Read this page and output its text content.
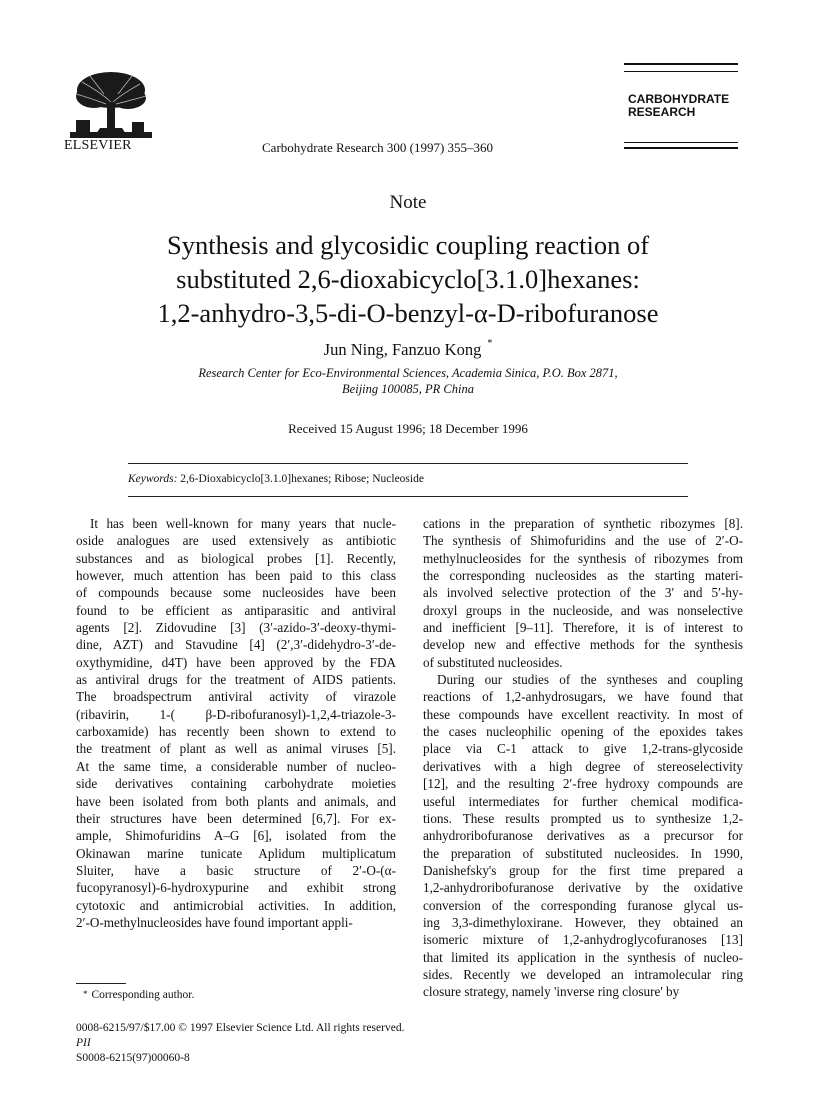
ELSEVIER	Carbohydrate Research 300 (1997) 355–360
CARBOHYDRATE
RESEARCH
Note
Synthesis and glycosidic coupling reaction of
substituted 2,6-dioxabicyclo[3.1.0]hexanes:
1,2-anhydro-3,5-di-O-benzyl-α-D-ribofuranose
Jun Ning, Fanzuo Kong *
Research Center for Eco-Environmental Sciences, Academia Sinica, P.O. Box 2871,
Beijing 100085, PR China
Received 15 August 1996; 18 December 1996
Keywords: 2,6-Dioxabicyclo[3.1.0]hexanes; Ribose; Nucleoside
It has been well-known for many years that nucle-
oside analogues are used extensively as antibiotic
substances and as biological probes [1]. Recently,
however, much attention has been paid to this class
of compounds because some nucleosides have been
found to be efficient as antiparasitic and antiviral
agents [2]. Zidovudine [3] (3′-azido-3′-deoxy-thymi-
dine, AZT) and Stavudine [4] (2′,3′-didehydro-3′-de-
oxythymidine, d4T) have been approved by the FDA
as antiviral drugs for the treatment of AIDS patients.
The broadspectrum antiviral activity of virazole
(ribavirin, 1-( β-D-ribofuranosyl)-1,2,4-triazole-3-
carboxamide) has recently been shown to extend to
the treatment of plant as well as animal viruses [5].
At the same time, a considerable number of nucleo-
side derivatives containing carbohydrate moieties
have been isolated from both plants and animals, and
their structures have been determined [6,7]. For ex-
ample, Shimofuridins A–G [6], isolated from the
Okinawan marine tunicate Aplidum multiplicatum
Sluiter, have a basic structure of 2′-O-(α-
fucopyranosyl)-6-hydroxypurine and exhibit strong
cytotoxic and antimicrobial activities. In addition,
2′-O-methylnucleosides have found important appli-
cations in the preparation of synthetic ribozymes [8].
The synthesis of Shimofuridins and the use of 2′-O-
methylnucleosides for the synthesis of ribozymes from
the corresponding nucleosides as the starting materi-
als involved selective protection of the 3′ and 5′-hy-
droxyl groups in the nucleoside, and was nonselective
and inefficient [9–11]. Therefore, it is of interest to
develop new and effective methods for the synthesis
of substituted nucleosides.
During our studies of the syntheses and coupling
reactions of 1,2-anhydrosugars, we have found that
these compounds have excellent reactivity. In most of
the cases nucleophilic opening of the epoxides takes
place via C-1 attack to give 1,2-trans-glycoside
derivatives with a high degree of stereoselectivity
[12], and the resulting 2′-free hydroxy compounds are
useful intermediates for further chemical modifica-
tions. These results prompted us to synthesize 1,2-
anhydroribofuranose derivatives as a precursor for
the preparation of substituted nucleosides. In 1990,
Danishefsky's group for the first time prepared a
1,2-anhydroribofuranose derivative by the oxidative
conversion of the corresponding furanose glycal us-
ing 3,3-dimethyloxirane. However, they obtained an
isomeric mixture of 1,2-anhydroglycofuranoses [13]
that limited its application in the synthesis of nucleo-
sides. Recently we developed an intramolecular ring
closure strategy, namely 'inverse ring closure' by
* Corresponding author.
0008-6215/97/$17.00 © 1997 Elsevier Science Ltd. All rights reserved.
PII
S0008-6215(97)00060-8
